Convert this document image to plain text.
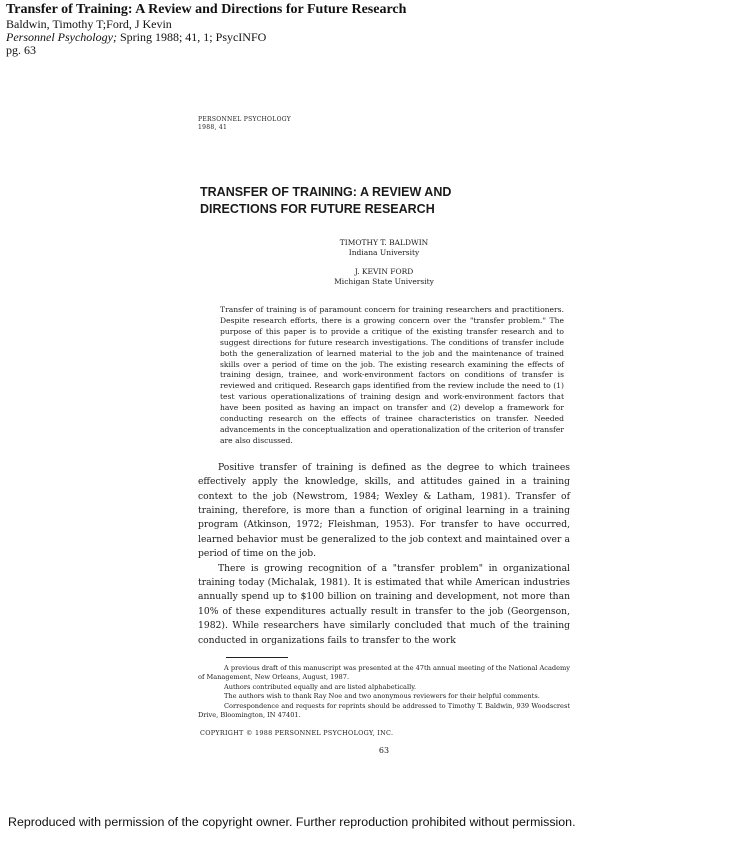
Transfer of Training: A Review and Directions for Future Research
Baldwin, Timothy T;Ford, J Kevin
Personnel Psychology; Spring 1988; 41, 1; PsycINFO
pg. 63
PERSONNEL PSYCHOLOGY
1988, 41
TRANSFER OF TRAINING: A REVIEW AND
DIRECTIONS FOR FUTURE RESEARCH
TIMOTHY T. BALDWIN
Indiana University
J. KEVIN FORD
Michigan State University
Transfer of training is of paramount concern for training researchers and practitioners. Despite research efforts, there is a growing concern over the "transfer problem." The purpose of this paper is to provide a critique of the existing transfer research and to suggest directions for future research investigations. The conditions of transfer include both the generalization of learned material to the job and the maintenance of trained skills over a period of time on the job. The existing research examining the effects of training design, trainee, and work-environment factors on conditions of transfer is reviewed and critiqued. Research gaps identified from the review include the need to (1) test various operationalizations of training design and work-environment factors that have been posited as having an impact on transfer and (2) develop a framework for conducting research on the effects of trainee characteristics on transfer. Needed advancements in the conceptualization and operationalization of the criterion of transfer are also discussed.

Positive transfer of training is defined as the degree to which trainees effectively apply the knowledge, skills, and attitudes gained in a training context to the job (Newstrom, 1984; Wexley & Latham, 1981). Transfer of training, therefore, is more than a function of original learning in a training program (Atkinson, 1972; Fleishman, 1953). For transfer to have occurred, learned behavior must be generalized to the job context and maintained over a period of time on the job.

There is growing recognition of a "transfer problem" in organizational training today (Michalak, 1981). It is estimated that while American industries annually spend up to $100 billion on training and development, not more than 10% of these expenditures actually result in transfer to the job (Georgenson, 1982). While researchers have similarly concluded that much of the training conducted in organizations fails to transfer to the work

A previous draft of this manuscript was presented at the 47th annual meeting of the National Academy of Management, New Orleans, August, 1987.

Authors contributed equally and are listed alphabetically.

The authors wish to thank Ray Noe and two anonymous reviewers for their helpful comments.

Correspondence and requests for reprints should be addressed to Timothy T. Baldwin, 939 Woodscrest Drive, Bloomington, IN 47401.

COPYRIGHT © 1988 PERSONNEL PSYCHOLOGY, INC.
63
Reproduced with permission of the copyright owner. Further reproduction prohibited without permission.
